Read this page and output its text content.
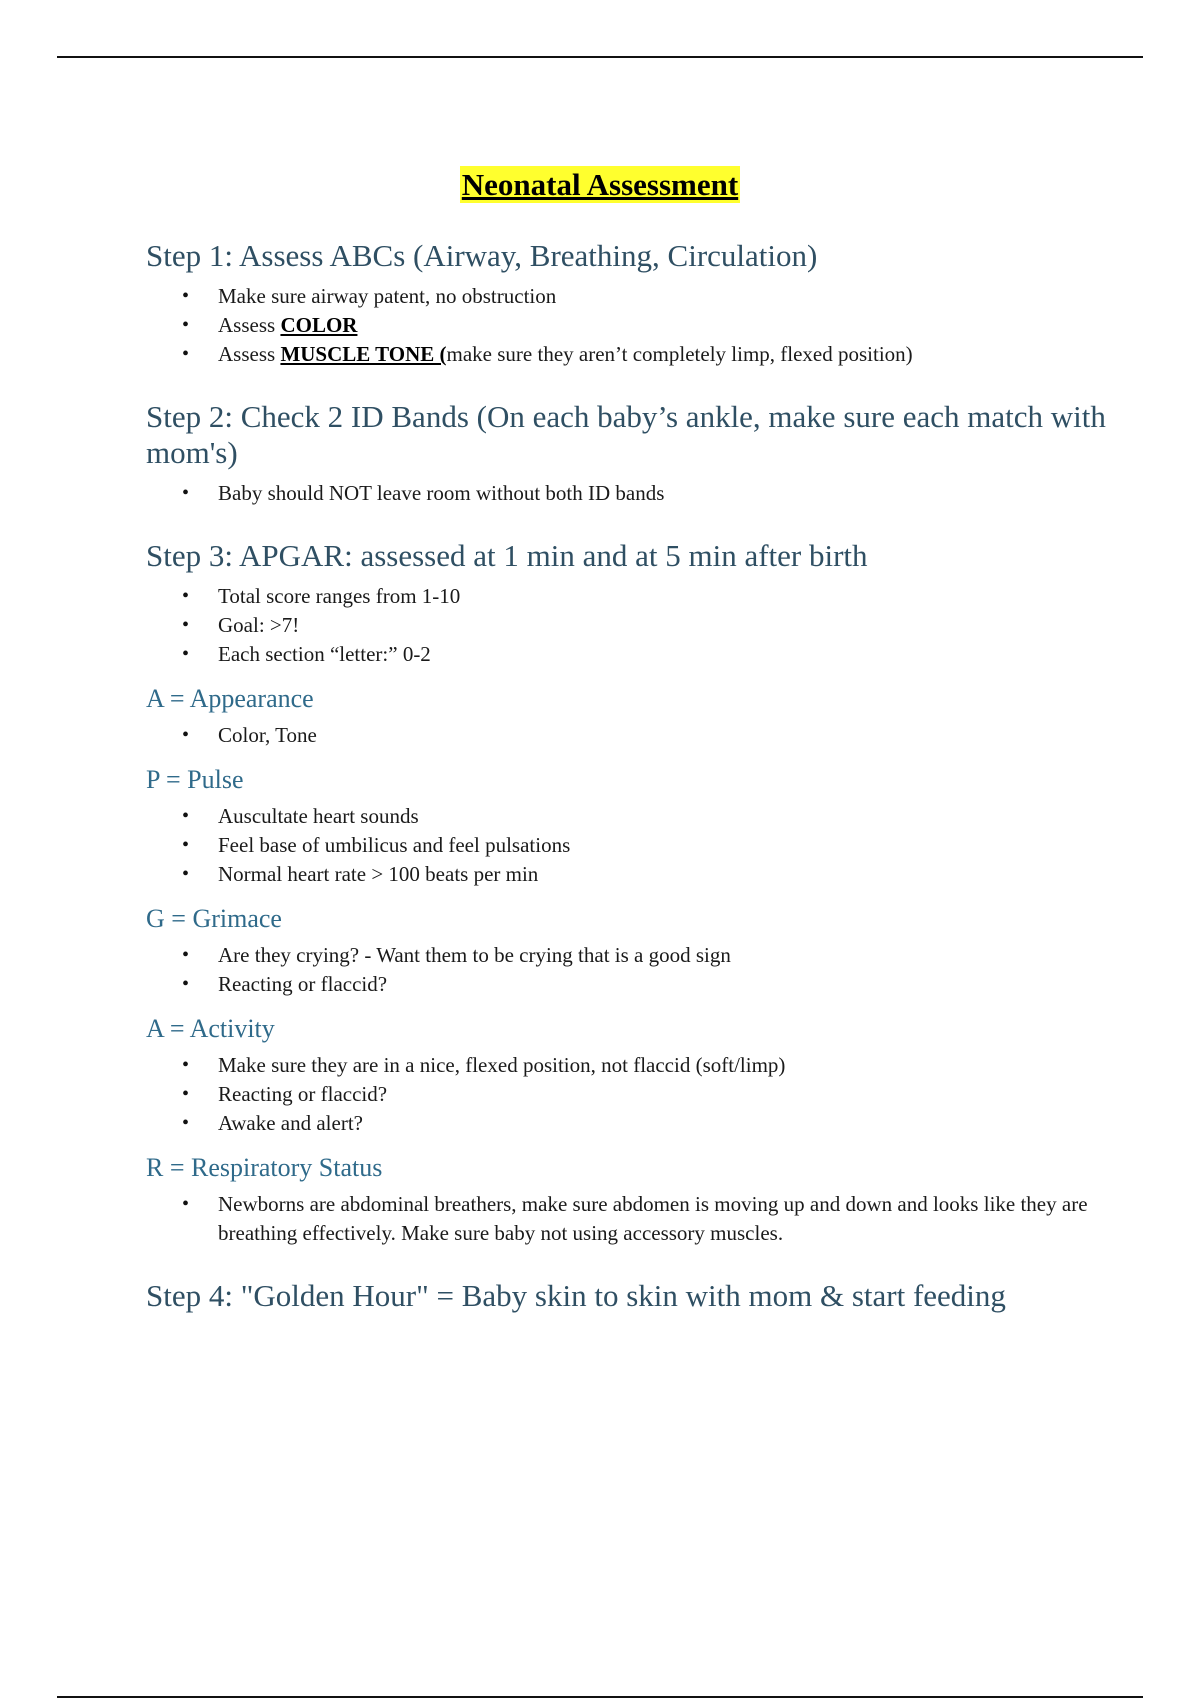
Neonatal Assessment
Step 1: Assess ABCs (Airway, Breathing, Circulation)
• Make sure airway patent, no obstruction
• Assess COLOR
• Assess MUSCLE TONE (make sure they aren’t completely limp, flexed position)
Step 2: Check 2 ID Bands (On each baby’s ankle, make sure each match with mom's)
• Baby should NOT leave room without both ID bands
Step 3: APGAR: assessed at 1 min and at 5 min after birth
• Total score ranges from 1-10
• Goal: >7!
• Each section “letter:” 0-2
A = Appearance
• Color, Tone
P = Pulse
• Auscultate heart sounds
• Feel base of umbilicus and feel pulsations
• Normal heart rate > 100 beats per min
G = Grimace
• Are they crying? - Want them to be crying that is a good sign
• Reacting or flaccid?
A = Activity
• Make sure they are in a nice, flexed position, not flaccid (soft/limp)
• Reacting or flaccid?
• Awake and alert?
R = Respiratory Status
• Newborns are abdominal breathers, make sure abdomen is moving up and down and looks like they are breathing effectively. Make sure baby not using accessory muscles.
Step 4: "Golden Hour" = Baby skin to skin with mom & start feeding
